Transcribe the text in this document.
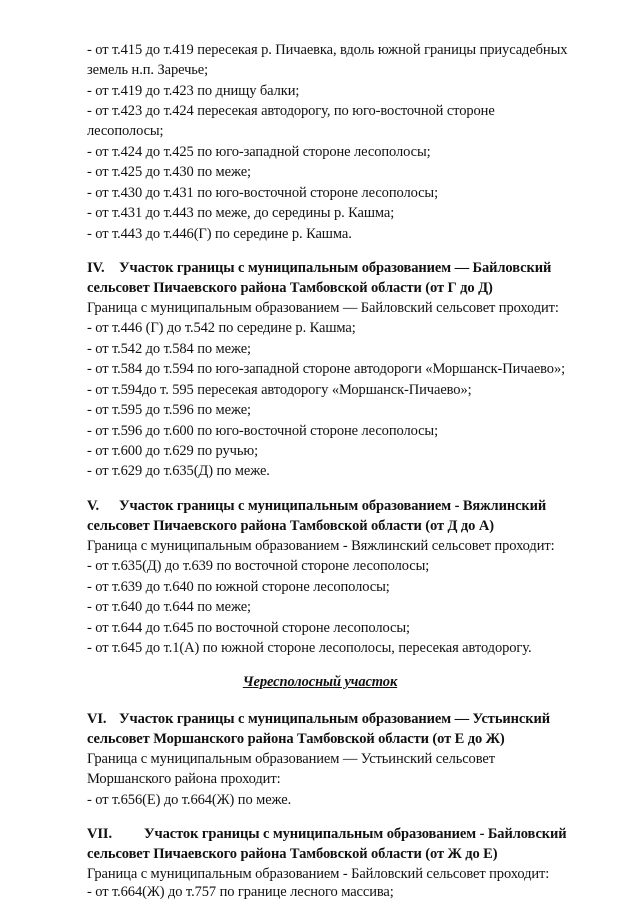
- от т.415 до т.419 пересекая р. Пичаевка, вдоль южной границы приусадебных
земель н.п. Заречье;
- от т.419 до т.423 по днищу балки;
- от т.423 до т.424 пересекая автодорогу, по юго-восточной стороне
лесополосы;
- от т.424 до т.425 по юго-западной стороне лесополосы;
- от т.425 до т.430 по меже;
- от т.430 до т.431 по юго-восточной стороне лесополосы;
- от т.431 до т.443 по меже, до середины р. Кашма;
- от т.443 до т.446(Г) по середине р. Кашма.
IV. Участок границы с муниципальным образованием — Байловский
сельсовет Пичаевского района Тамбовской области (от Г до Д)
Граница с муниципальным образованием — Байловский сельсовет проходит:
- от т.446 (Г) до т.542 по середине р. Кашма;
- от т.542 до т.584 по меже;
- от т.584 до т.594 по юго-западной стороне автодороги «Моршанск-Пичаево»;
- от т.594до т. 595 пересекая автодорогу «Моршанск-Пичаево»;
- от т.595 до т.596 по меже;
- от т.596 до т.600 по юго-восточной стороне лесополосы;
- от т.600 до т.629 по ручью;
- от т.629 до т.635(Д) по меже.
V. Участок границы с муниципальным образованием - Вяжлинский
сельсовет Пичаевского района Тамбовской области (от Д до А)
Граница с муниципальным образованием - Вяжлинский сельсовет проходит:
- от т.635(Д) до т.639 по восточной стороне лесополосы;
- от т.639 до т.640 по южной стороне лесополосы;
- от т.640 до т.644 по меже;
- от т.644 до т.645 по восточной стороне лесополосы;
- от т.645 до т.1(А) по южной стороне лесополосы, пересекая автодорогу.
Чересполосный участок
VI. Участок границы с муниципальным образованием — Устьинский
сельсовет Моршанского района Тамбовской области (от Е до Ж)
Граница с муниципальным образованием — Устьинский сельсовет
Моршанского района проходит:
- от т.656(Е) до т.664(Ж) по меже.
VII. Участок границы с муниципальным образованием - Байловский
сельсовет Пичаевского района Тамбовской области (от Ж до Е)
Граница с муниципальным образованием - Байловский сельсовет проходит:
- от т.664(Ж) до т.757 по границе лесного массива;
